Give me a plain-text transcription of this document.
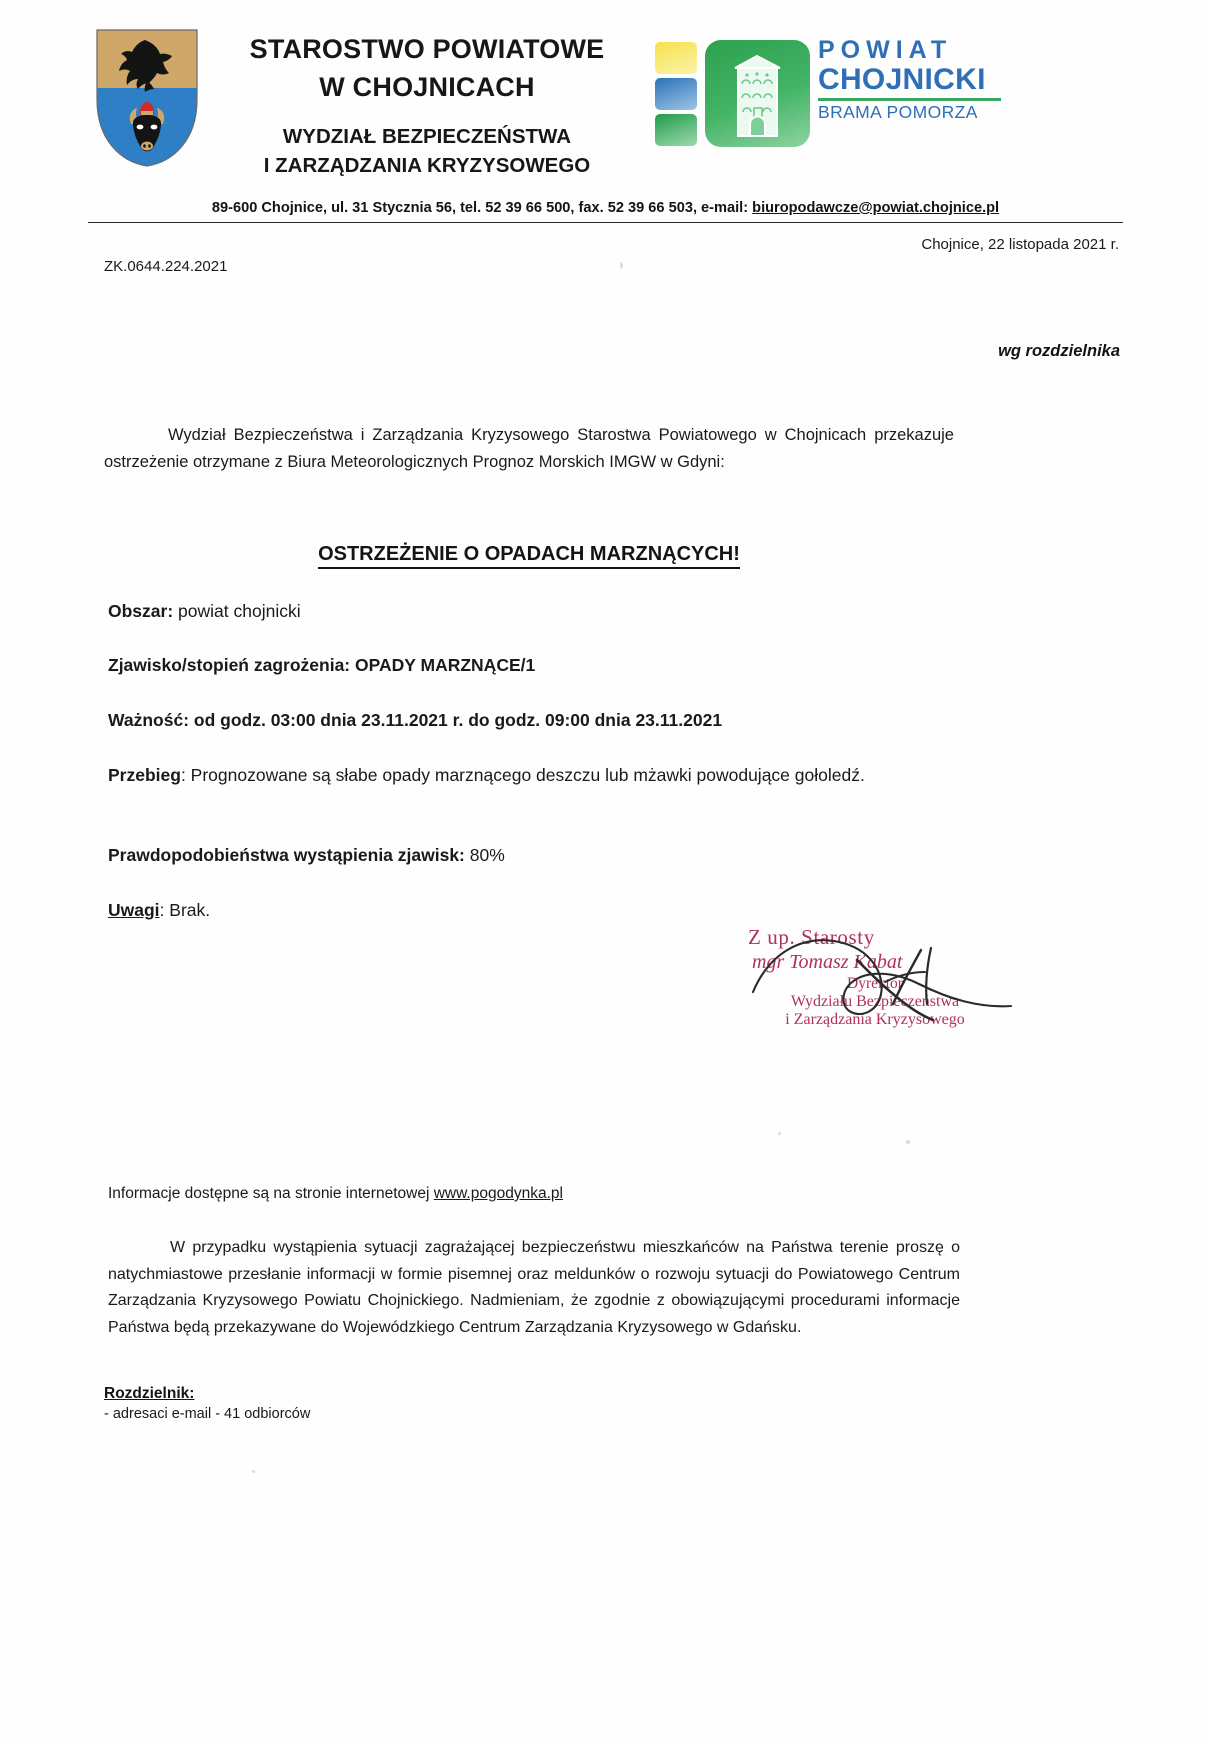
STAROSTWO POWIATOWE
W CHOJNICACH
WYDZIAŁ BEZPIECZEŃSTWA
I ZARZĄDZANIA KRYZYSOWEGO
POWIAT
CHOJNICKI
BRAMA POMORZA
89-600 Chojnice, ul. 31 Stycznia 56, tel. 52 39 66 500, fax. 52 39 66 503, e-mail: biuropodawcze@powiat.chojnice.pl
Chojnice, 22 listopada 2021 r.
ZK.0644.224.2021
wg rozdzielnika
Wydział Bezpieczeństwa i Zarządzania Kryzysowego Starostwa Powiatowego w Chojnicach przekazuje ostrzeżenie otrzymane z Biura Meteorologicznych Prognoz Morskich IMGW w Gdyni:
OSTRZEŻENIE O OPADACH MARZNĄCYCH!
Obszar: powiat chojnicki
Zjawisko/stopień zagrożenia: OPADY MARZNĄCE/1
Ważność: od godz. 03:00 dnia 23.11.2021 r. do godz. 09:00 dnia 23.11.2021
Przebieg: Prognozowane są słabe opady marznącego deszczu lub mżawki powodujące gołoledź.
Prawdopodobieństwa wystąpienia zjawisk: 80%
Uwagi: Brak.
Z up. Starosty
mgr Tomasz Kabat
Dyrektor
Wydziału Bezpieczeństwa
i Zarządzania Kryzysowego
Informacje dostępne są na stronie internetowej www.pogodynka.pl
W przypadku wystąpienia sytuacji zagrażającej bezpieczeństwu mieszkańców na Państwa terenie proszę o natychmiastowe przesłanie informacji w formie pisemnej oraz meldunków o rozwoju sytuacji do Powiatowego Centrum Zarządzania Kryzysowego Powiatu Chojnickiego. Nadmieniam, że zgodnie z obowiązującymi procedurami informacje Państwa będą przekazywane do Wojewódzkiego Centrum Zarządzania Kryzysowego w Gdańsku.
Rozdzielnik:
- adresaci e-mail - 41 odbiorców
